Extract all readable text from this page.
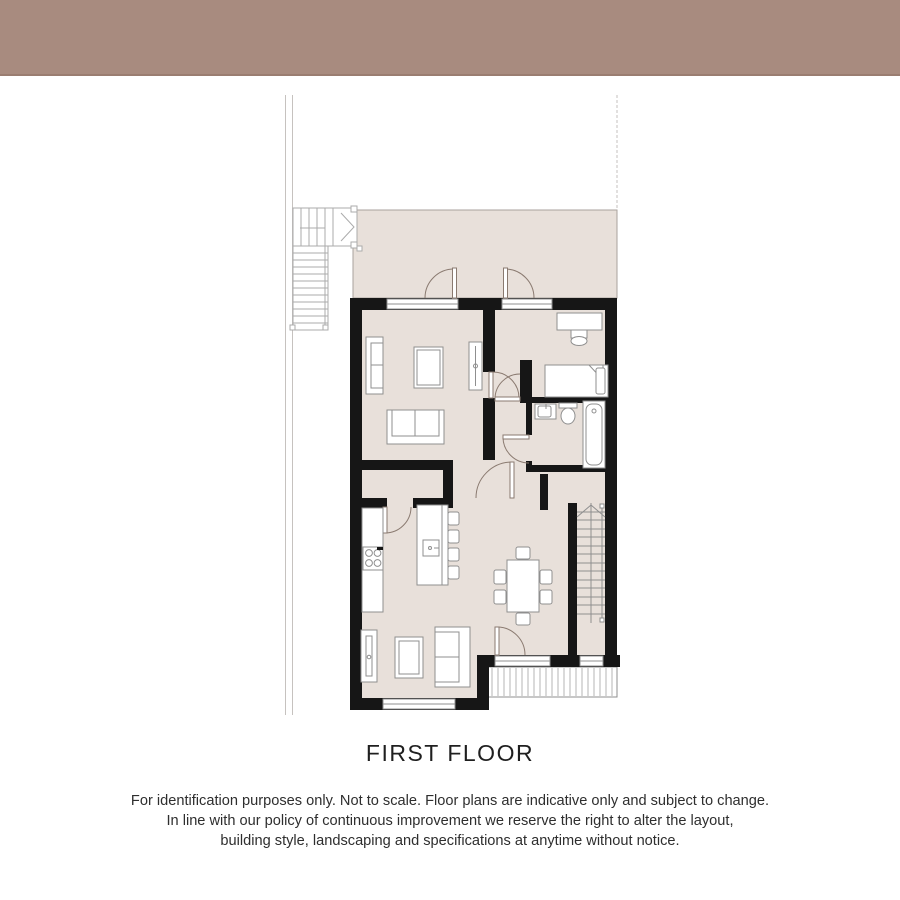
FIRST FLOOR
For identification purposes only. Not to scale. Floor plans are indicative only and subject to change.
In line with our policy of continuous improvement we reserve the right to alter the layout,
building style, landscaping and specifications at anytime without notice.
